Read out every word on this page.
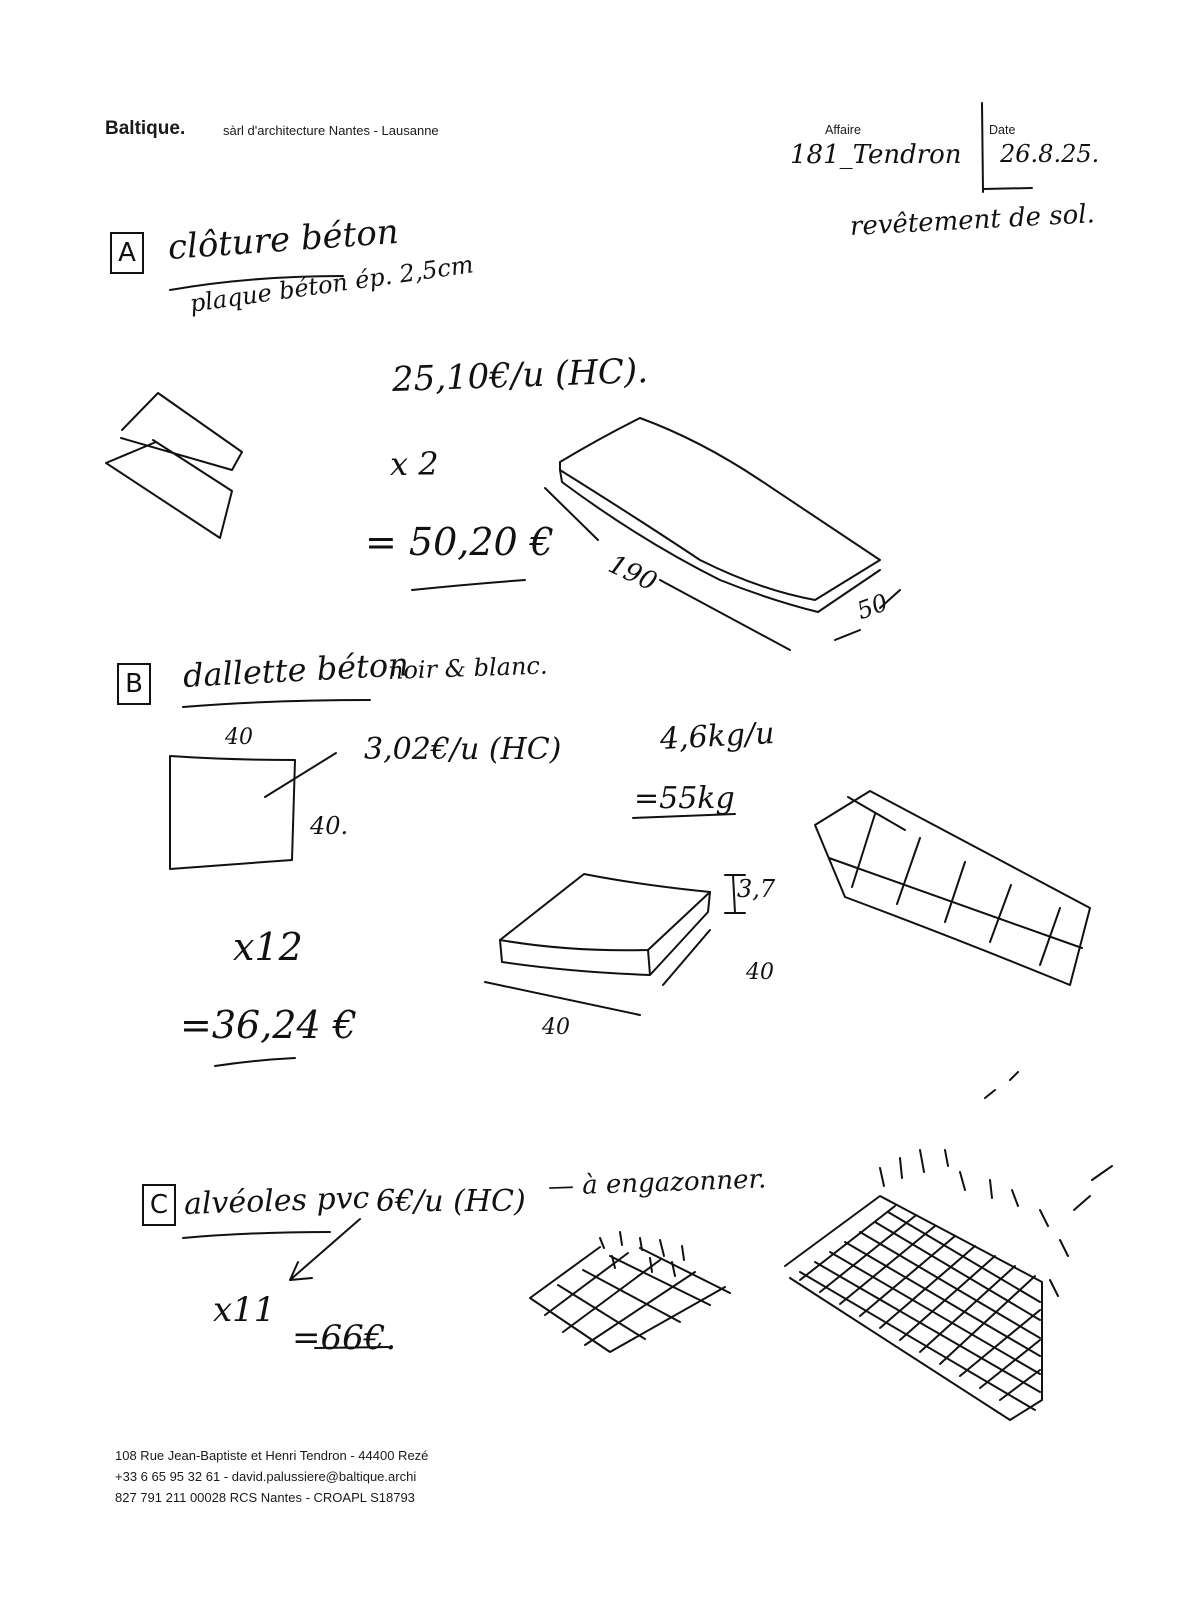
Baltique.	sàrl d'architecture Nantes - Lausanne	Affaire	Date
181_Tendron 26.8.25.
revêtement de sol.
A clôture béton
plaque béton ép. 2,5cm
25,10€/u (HC).
x 2
= 50,20 €
190
50
B dallette béton
noir & blanc.
40
40.
3,02€/u (HC)	4,6kg/u
=55kg
x12
=36,24 €
3,7
40
40
C alvéoles pvc 6€/u (HC) — à engazonner.
x11
=66€.
108 Rue Jean-Baptiste et Henri Tendron - 44400 Rezé
+33 6 65 95 32 61 - david.palussiere@baltique.archi
827 791 211 00028 RCS Nantes - CROAPL S18793
